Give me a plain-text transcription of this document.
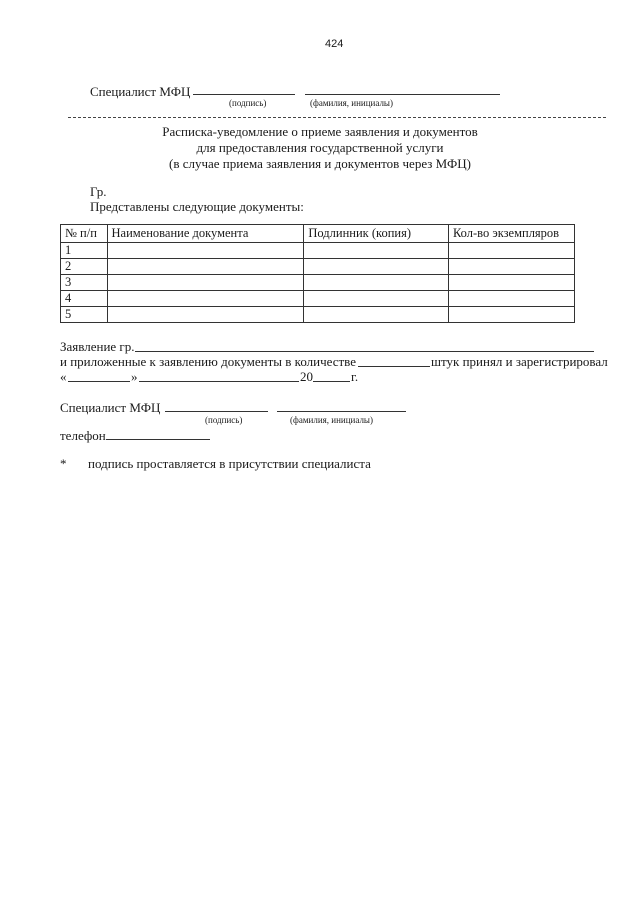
424
Специалист МФЦ
(подпись)	(фамилия, инициалы)
Расписка-уведомление о приеме заявления и документов
для предоставления государственной услуги
(в случае приема заявления и документов через МФЦ)
Гр.
Представлены следующие документы:
№ п/п	Наименование документа	Подлинник (копия)	Кол-во экземпляров
1			
2			
3			
4			
5			
Заявление гр.
и приложенные к заявлению документы в количестве	штук принял и зарегистрировал
«	»	20	г.
Специалист МФЦ
(подпись)	(фамилия, инициалы)
телефон
* подпись проставляется в присутствии специалиста
